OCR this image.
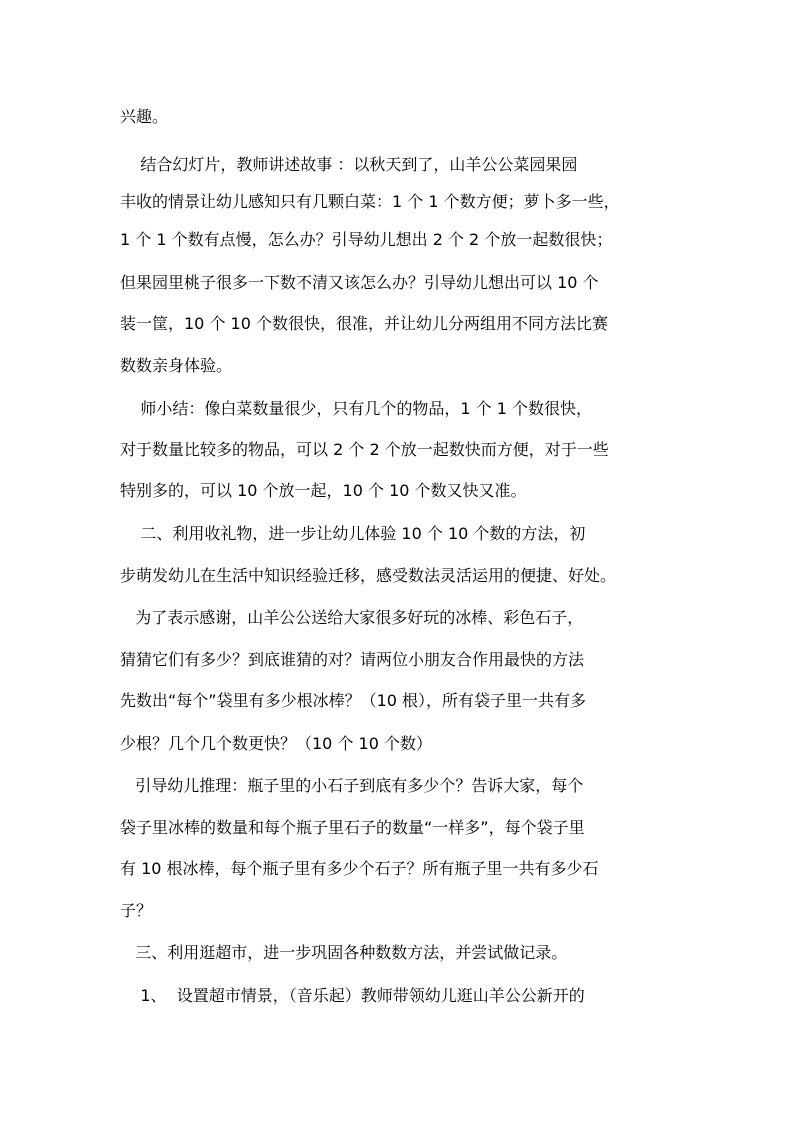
兴趣。
结合幻灯片，教师讲述故事 ：以秋天到了，山羊公公菜园果园
丰收的情景让幼儿感知只有几颗白菜：1 个 1 个数方便；萝卜多一些，
1 个 1 个数有点慢，怎么办？引导幼儿想出 2 个 2 个放一起数很快；
但果园里桃子很多一下数不清又该怎么办？引导幼儿想出可以 10 个
装一筐，10 个 10 个数很快，很准，并让幼儿分两组用不同方法比赛
数数亲身体验。
师小结：像白菜数量很少，只有几个的物品，1 个 1 个数很快，
对于数量比较多的物品，可以 2 个 2 个放一起数快而方便，对于一些
特别多的，可以 10 个放一起，10 个 10 个数又快又准。
二、利用收礼物，进一步让幼儿体验 10 个 10 个数的方法，初
步萌发幼儿在生活中知识经验迁移，感受数法灵活运用的便捷、好处。
为了表示感谢，山羊公公送给大家很多好玩的冰棒、彩色石子，
猜猜它们有多少？到底谁猜的对？请两位小朋友合作用最快的方法
先数出“每个”袋里有多少根冰棒？（10 根），所有袋子里一共有多
少根？几个几个数更快？（10 个 10 个数）
引导幼儿推理：瓶子里的小石子到底有多少个？告诉大家，每个
袋子里冰棒的数量和每个瓶子里石子的数量“一样多”，每个袋子里
有 10 根冰棒，每个瓶子里有多少个石子？所有瓶子里一共有多少石
子？
三、利用逛超市，进一步巩固各种数数方法，并尝试做记录。
1、  设置超市情景，（音乐起）教师带领幼儿逛山羊公公新开的
